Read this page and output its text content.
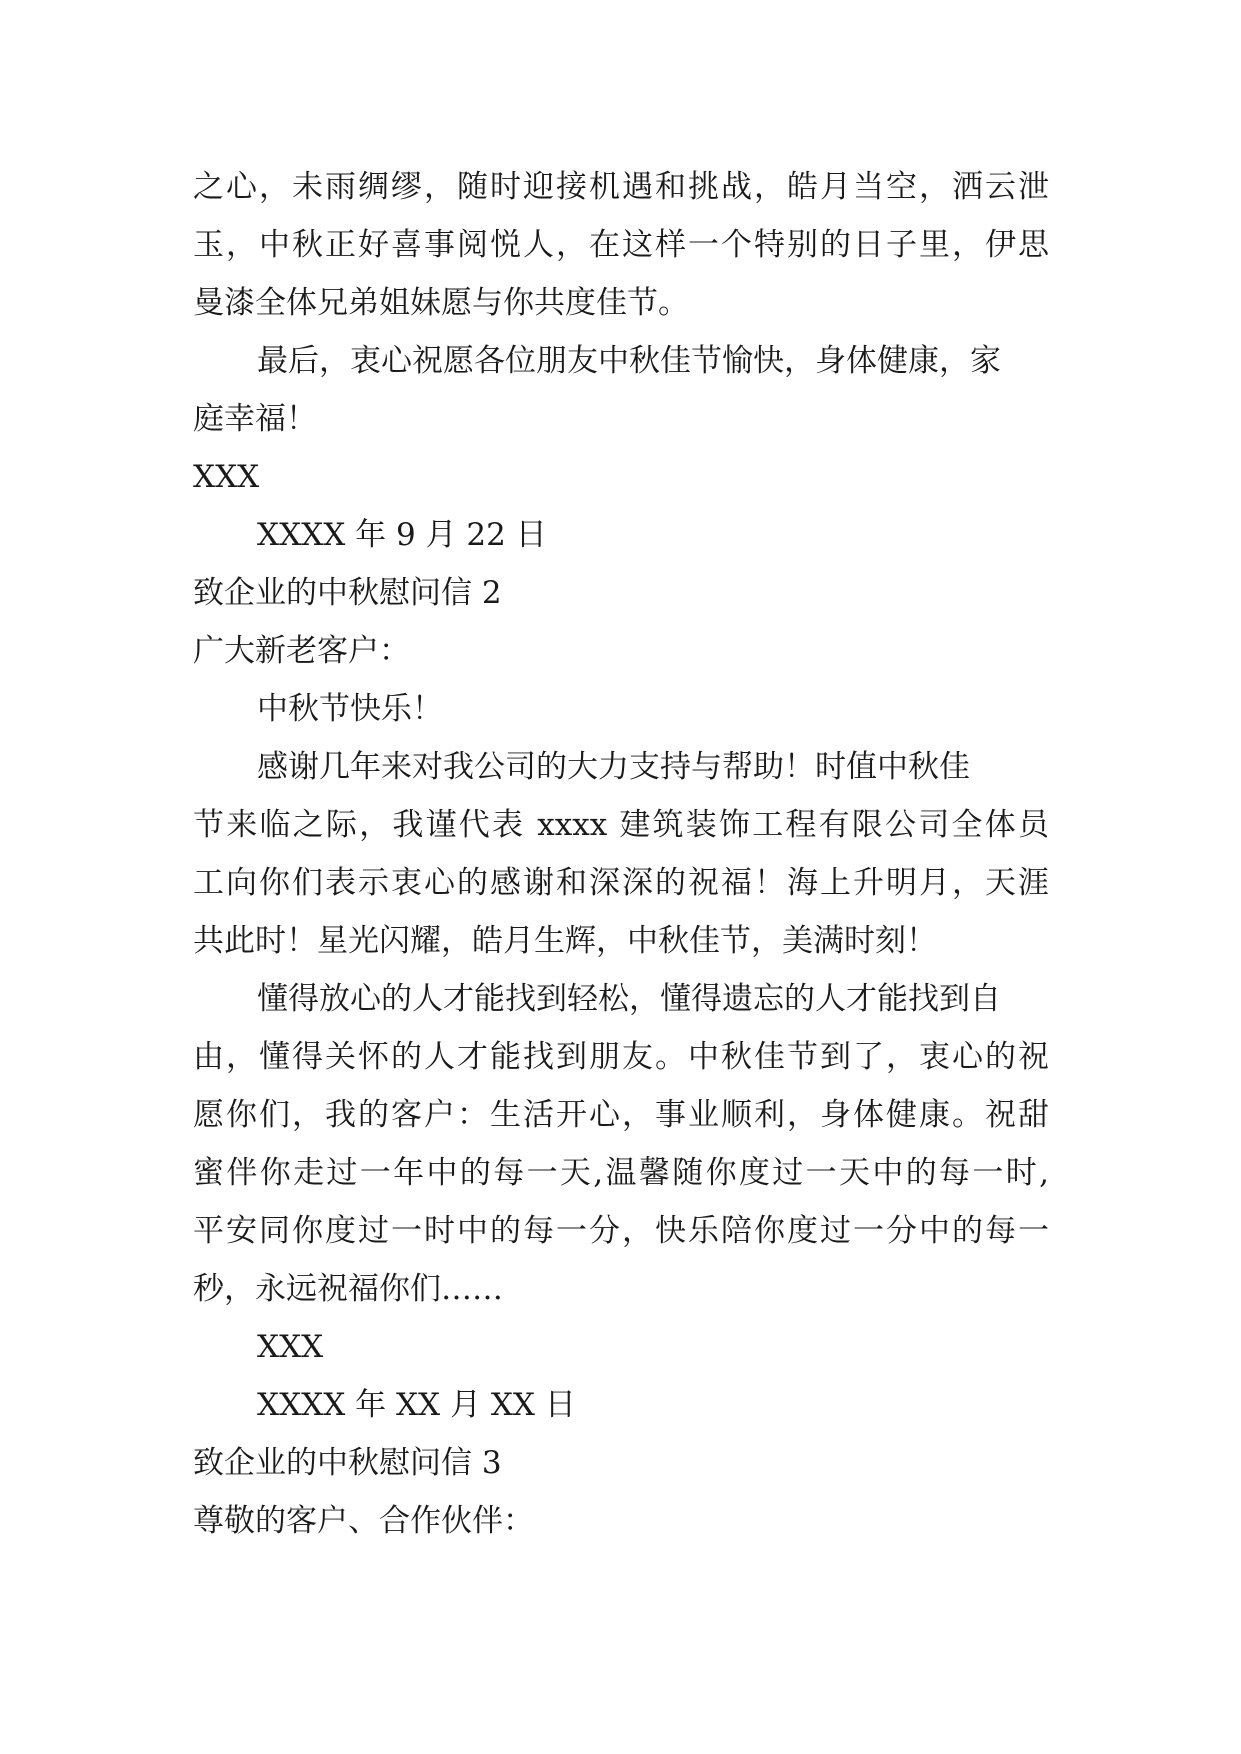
之心，未雨绸缪，随时迎接机遇和挑战，皓月当空，洒云泄
玉，中秋正好喜事阅悦人，在这样一个特别的日子里，伊思
曼漆全体兄弟姐妹愿与你共度佳节。
最后，衷心祝愿各位朋友中秋佳节愉快，身体健康，家
庭幸福！
XXX
XXXX 年 9 月 22 日
致企业的中秋慰问信 2
广大新老客户：
中秋节快乐！
感谢几年来对我公司的大力支持与帮助！时值中秋佳
节来临之际，我谨代表 xxxx 建筑装饰工程有限公司全体员
工向你们表示衷心的感谢和深深的祝福！海上升明月，天涯
共此时！星光闪耀，皓月生辉，中秋佳节，美满时刻！
懂得放心的人才能找到轻松，懂得遗忘的人才能找到自
由，懂得关怀的人才能找到朋友。中秋佳节到了，衷心的祝
愿你们，我的客户：生活开心，事业顺利，身体健康。祝甜
蜜伴你走过一年中的每一天,温馨随你度过一天中的每一时,
平安同你度过一时中的每一分，快乐陪你度过一分中的每一
秒，永远祝福你们……
XXX
XXXX 年 XX 月 XX 日
致企业的中秋慰问信 3
尊敬的客户、合作伙伴：
